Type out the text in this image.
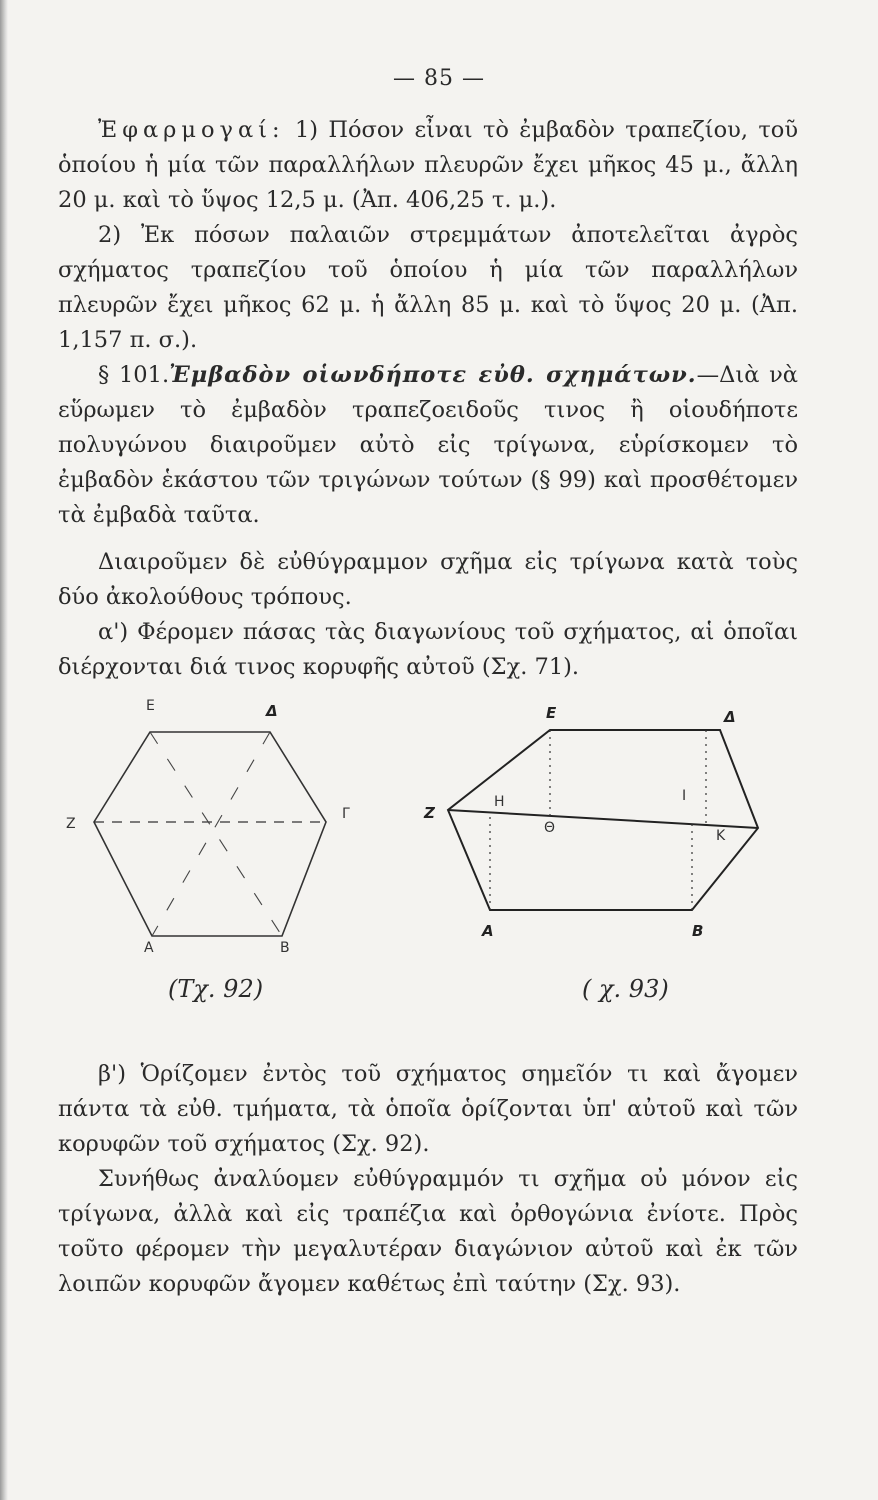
— 85 —

Ἐφαρμογαί: 1) Πόσον εἶναι τὸ ἐμβαδὸν τραπεζίου, τοῦ ὁποίου ἡ μία τῶν παραλλήλων πλευρῶν ἔχει μῆκος 45 μ., ἄλλη 20 μ. καὶ τὸ ὕψος 12,5 μ. (Ἀπ. 406,25 τ. μ.).

2) Ἐκ πόσων παλαιῶν στρεμμάτων ἀποτελεῖται ἀγρὸς σχήματος τραπεζίου τοῦ ὁποίου ἡ μία τῶν παραλλήλων πλευρῶν ἔχει μῆκος 62 μ. ἡ ἄλλη 85 μ. καὶ τὸ ὕψος 20 μ. (Ἀπ. 1,157 π. σ.).

§ 101.Ἐμβαδὸν οἱωνδήποτε εὐθ. σχημάτων.—Διὰ νὰ εὕρωμεν τὸ ἐμβαδὸν τραπεζοειδοῦς τινος ἢ οἱουδήποτε πολυγώνου διαιροῦμεν αὐτὸ εἰς τρίγωνα, εὑρίσκομεν τὸ ἐμβαδὸν ἑκάστου τῶν τριγώνων τούτων (§ 99) καὶ προσθέτομεν τὰ ἐμβαδὰ ταῦτα.

Διαιροῦμεν δὲ εὐθύγραμμον σχῆμα εἰς τρίγωνα κατὰ τοὺς δύο ἀκολούθους τρόπους.

α') Φέρομεν πάσας τὰς διαγωνίους τοῦ σχήματος, αἱ ὁποῖαι διέρχονται διά τινος κορυφῆς αὐτοῦ (Σχ. 71).

E	Δ
Z
Γ
Α	Β
E	Δ
Z
A	B
Η
Θ
I
K
(Τχ. 92)	( χ. 93)

β') Ὁρίζομεν ἐντὸς τοῦ σχήματος σημεῖόν τι καὶ ἄγομεν πάντα τὰ εὐθ. τμήματα, τὰ ὁποῖα ὁρίζονται ὑπ' αὐτοῦ καὶ τῶν κορυφῶν τοῦ σχήματος (Σχ. 92).

Συνήθως ἀναλύομεν εὐθύγραμμόν τι σχῆμα οὐ μόνον εἰς τρίγωνα, ἀλλὰ καὶ εἰς τραπέζια καὶ ὀρθογώνια ἐνίοτε. Πρὸς τοῦτο φέρομεν τὴν μεγαλυτέραν διαγώνιον αὐτοῦ καὶ ἐκ τῶν λοιπῶν κορυφῶν ἄγομεν καθέτως ἐπὶ ταύτην (Σχ. 93).
